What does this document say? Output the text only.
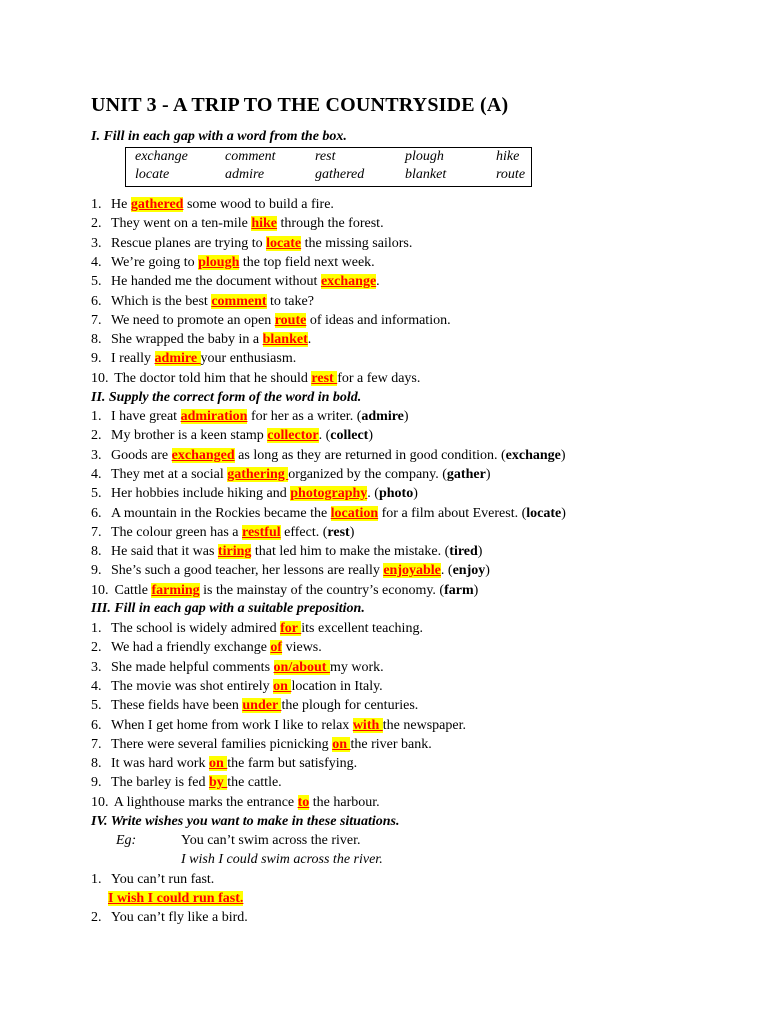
UNIT 3 - A TRIP TO THE COUNTRYSIDE (A)
I. Fill in each gap with a word from the box.
exchange	comment	rest	plough	hike
locate	admire	gathered	blanket	route
1. He gathered some wood to build a fire.
2. They went on a ten-mile hike through the forest.
3. Rescue planes are trying to locate the missing sailors.
4. We’re going to plough the top field next week.
5. He handed me the document without exchange.
6. Which is the best comment to take?
7. We need to promote an open route of ideas and information.
8. She wrapped the baby in a blanket.
9. I really admire your enthusiasm.
10. The doctor told him that he should rest for a few days.
II. Supply the correct form of the word in bold.
1. I have great admiration for her as a writer. (admire)
2. My brother is a keen stamp collector. (collect)
3. Goods are exchanged as long as they are returned in good condition. (exchange)
4. They met at a social gathering organized by the company. (gather)
5. Her hobbies include hiking and photography. (photo)
6. A mountain in the Rockies became the location for a film about Everest. (locate)
7. The colour green has a restful effect. (rest)
8. He said that it was tiring that led him to make the mistake. (tired)
9. She’s such a good teacher, her lessons are really enjoyable. (enjoy)
10. Cattle farming is the mainstay of the country’s economy. (farm)
III. Fill in each gap with a suitable preposition.
1. The school is widely admired for its excellent teaching.
2. We had a friendly exchange of views.
3. She made helpful comments on/about my work.
4. The movie was shot entirely on location in Italy.
5. These fields have been under the plough for centuries.
6. When I get home from work I like to relax with the newspaper.
7. There were several families picnicking on the river bank.
8. It was hard work on the farm but satisfying.
9. The barley is fed by the cattle.
10. A lighthouse marks the entrance to the harbour.
IV. Write wishes you want to make in these situations.
Eg:	You can’t swim across the river.
I wish I could swim across the river.
1. You can’t run fast.
I wish I could run fast.
2. You can’t fly like a bird.
